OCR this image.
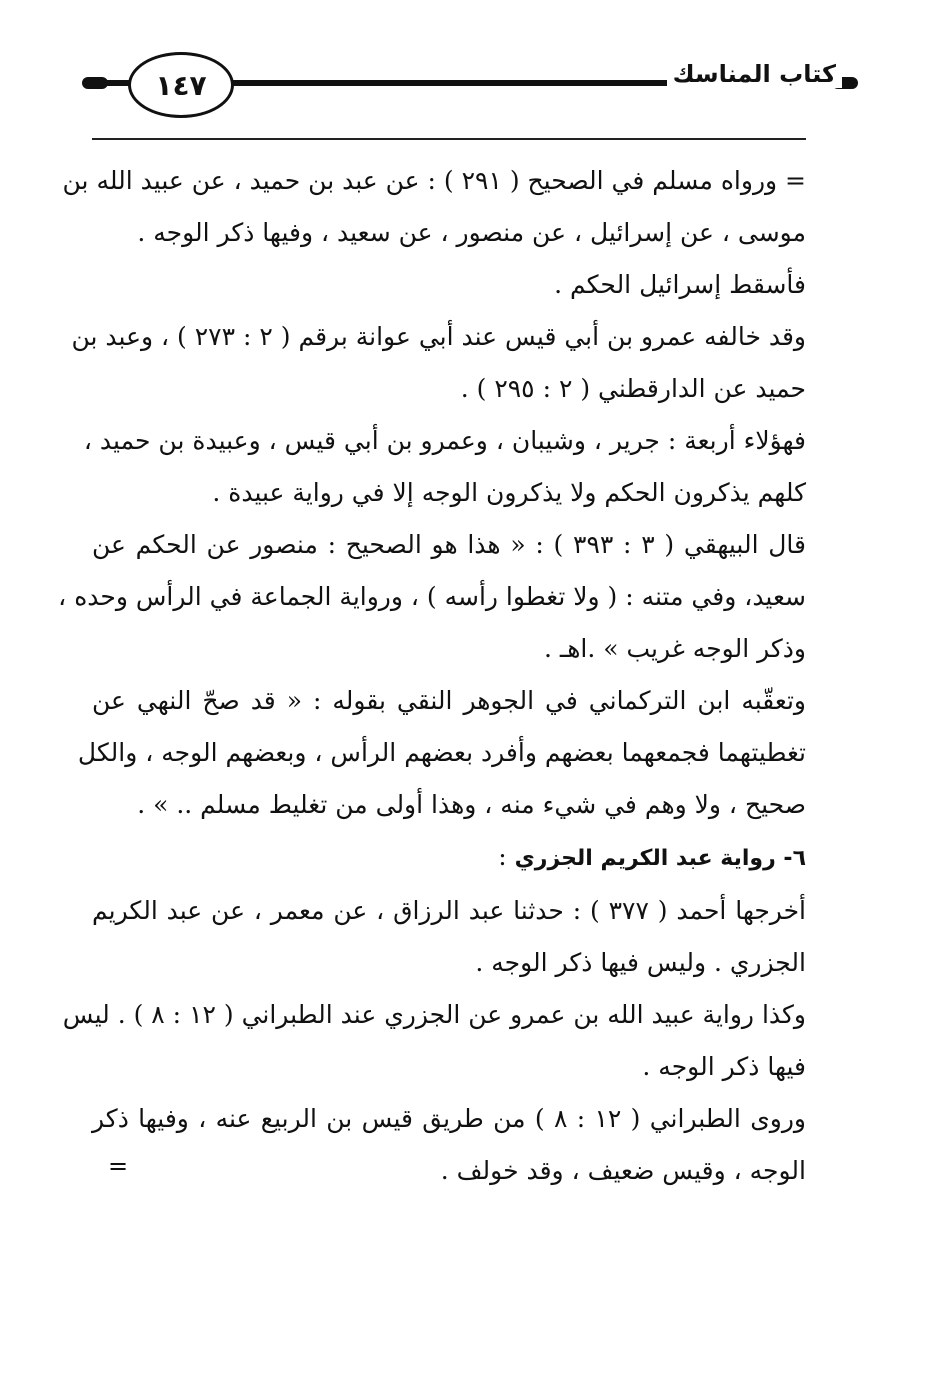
١٤٧	كتاب المناسك

= ورواه مسلم في الصحيح ( ٢٩١ ) : عن عبد بن حميد ، عن عبيد الله بن
موسى ، عن إسرائيل ، عن منصور ، عن سعيد ، وفيها ذكر الوجه .

فأسقط إسرائيل الحكم .

وقد خالفه عمرو بن أبي قيس عند أبي عوانة برقم ( ٢ : ٢٧٣ ) ، وعبد بن
حميد عن الدارقطني ( ٢ : ٢٩٥ ) .

فهؤلاء أربعة : جرير ، وشيبان ، وعمرو بن أبي قيس ، وعبيدة بن حميد ،
كلهم يذكرون الحكم ولا يذكرون الوجه إلا في رواية عبيدة .

قال البيهقي ( ٣ : ٣٩٣ ) : « هذا هو الصحيح : منصور عن الحكم عن
سعيد، وفي متنه : ( ولا تغطوا رأسه ) ، ورواية الجماعة في الرأس وحده ،
وذكر الوجه غريب » .اهـ .

وتعقّبه ابن التركماني في الجوهر النقي بقوله : « قد صحّ النهي عن
تغطيتهما فجمعهما بعضهم وأفرد بعضهم الرأس ، وبعضهم الوجه ، والكل
صحيح ، ولا وهم في شيء منه ، وهذا أولى من تغليط مسلم .. » .

٦- رواية عبد الكريم الجزري :

أخرجها أحمد ( ٣٧٧ ) : حدثنا عبد الرزاق ، عن معمر ، عن عبد الكريم
الجزري . وليس فيها ذكر الوجه .

وكذا رواية عبيد الله بن عمرو عن الجزري عند الطبراني ( ١٢ : ٨ ) . ليس
فيها ذكر الوجه .

وروى الطبراني ( ١٢ : ٨ ) من طريق قيس بن الربيع عنه ، وفيها ذكر
الوجه ، وقيس ضعيف ، وقد خولف .

=
